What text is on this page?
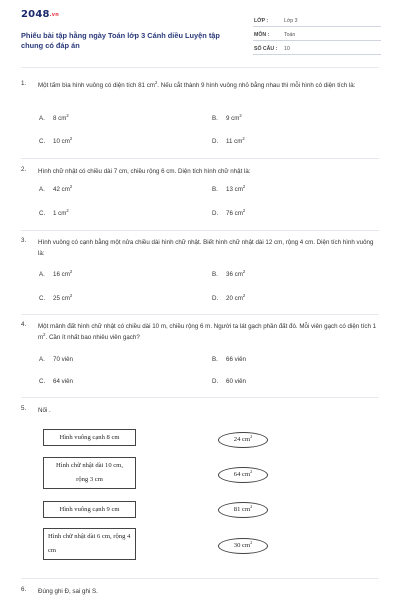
2048.vn
Phiếu bài tập hằng ngày Toán lớp 3 Cánh diều Luyện tập chung có đáp án
LỚP :	Lớp 3
MÔN :	Toán
SỐ CÂU : 10
1. Một tấm bìa hình vuông có diện tích 81 $cm^2$. Nếu cắt thành 9 hình vuông nhỏ bằng nhau thì mỗi hình có diện tích là:
A. 8 $cm^2$	B. 9 $cm^2$
C. 10 $cm^2$	D. 11 $cm^2$
2. Hình chữ nhật có chiều dài 7 cm, chiều rộng 6 cm. Diện tích hình chữ nhật là:
A. 42 $cm^2$	B. 13 $cm^2$
C. 1 $cm^2$	D. 76 $cm^2$
3. Hình vuông có cạnh bằng một nửa chiều dài hình chữ nhật. Biết hình chữ nhật dài 12 cm, rộng 4 cm. Diện tích hình vuông là:
A. 16 $cm^2$	B. 36 $cm^2$
C. 25 $cm^2$	D. 20 $cm^2$
4. Một mảnh đất hình chữ nhật có chiều dài 10 m, chiều rộng 6 m. Người ta lát gạch phần đất đó. Mỗi viên gạch có diện tích 1 $m^2$. Cần ít nhất bao nhiêu viên gạch?
A. 70 viên	B. 66 viên
C. 64 viên	D. 60 viên
5. Nối .
Hình vuông cạnh 8 cm
Hình chữ nhật dài 10 cm, rộng 3 cm
Hình vuông cạnh 9 cm
Hình chữ nhật dài 6 cm, rộng 4 cm
24 $cm^2$
64 $cm^2$
81 $cm^2$
30 $cm^2$
6. Đúng ghi Đ, sai ghi S.
